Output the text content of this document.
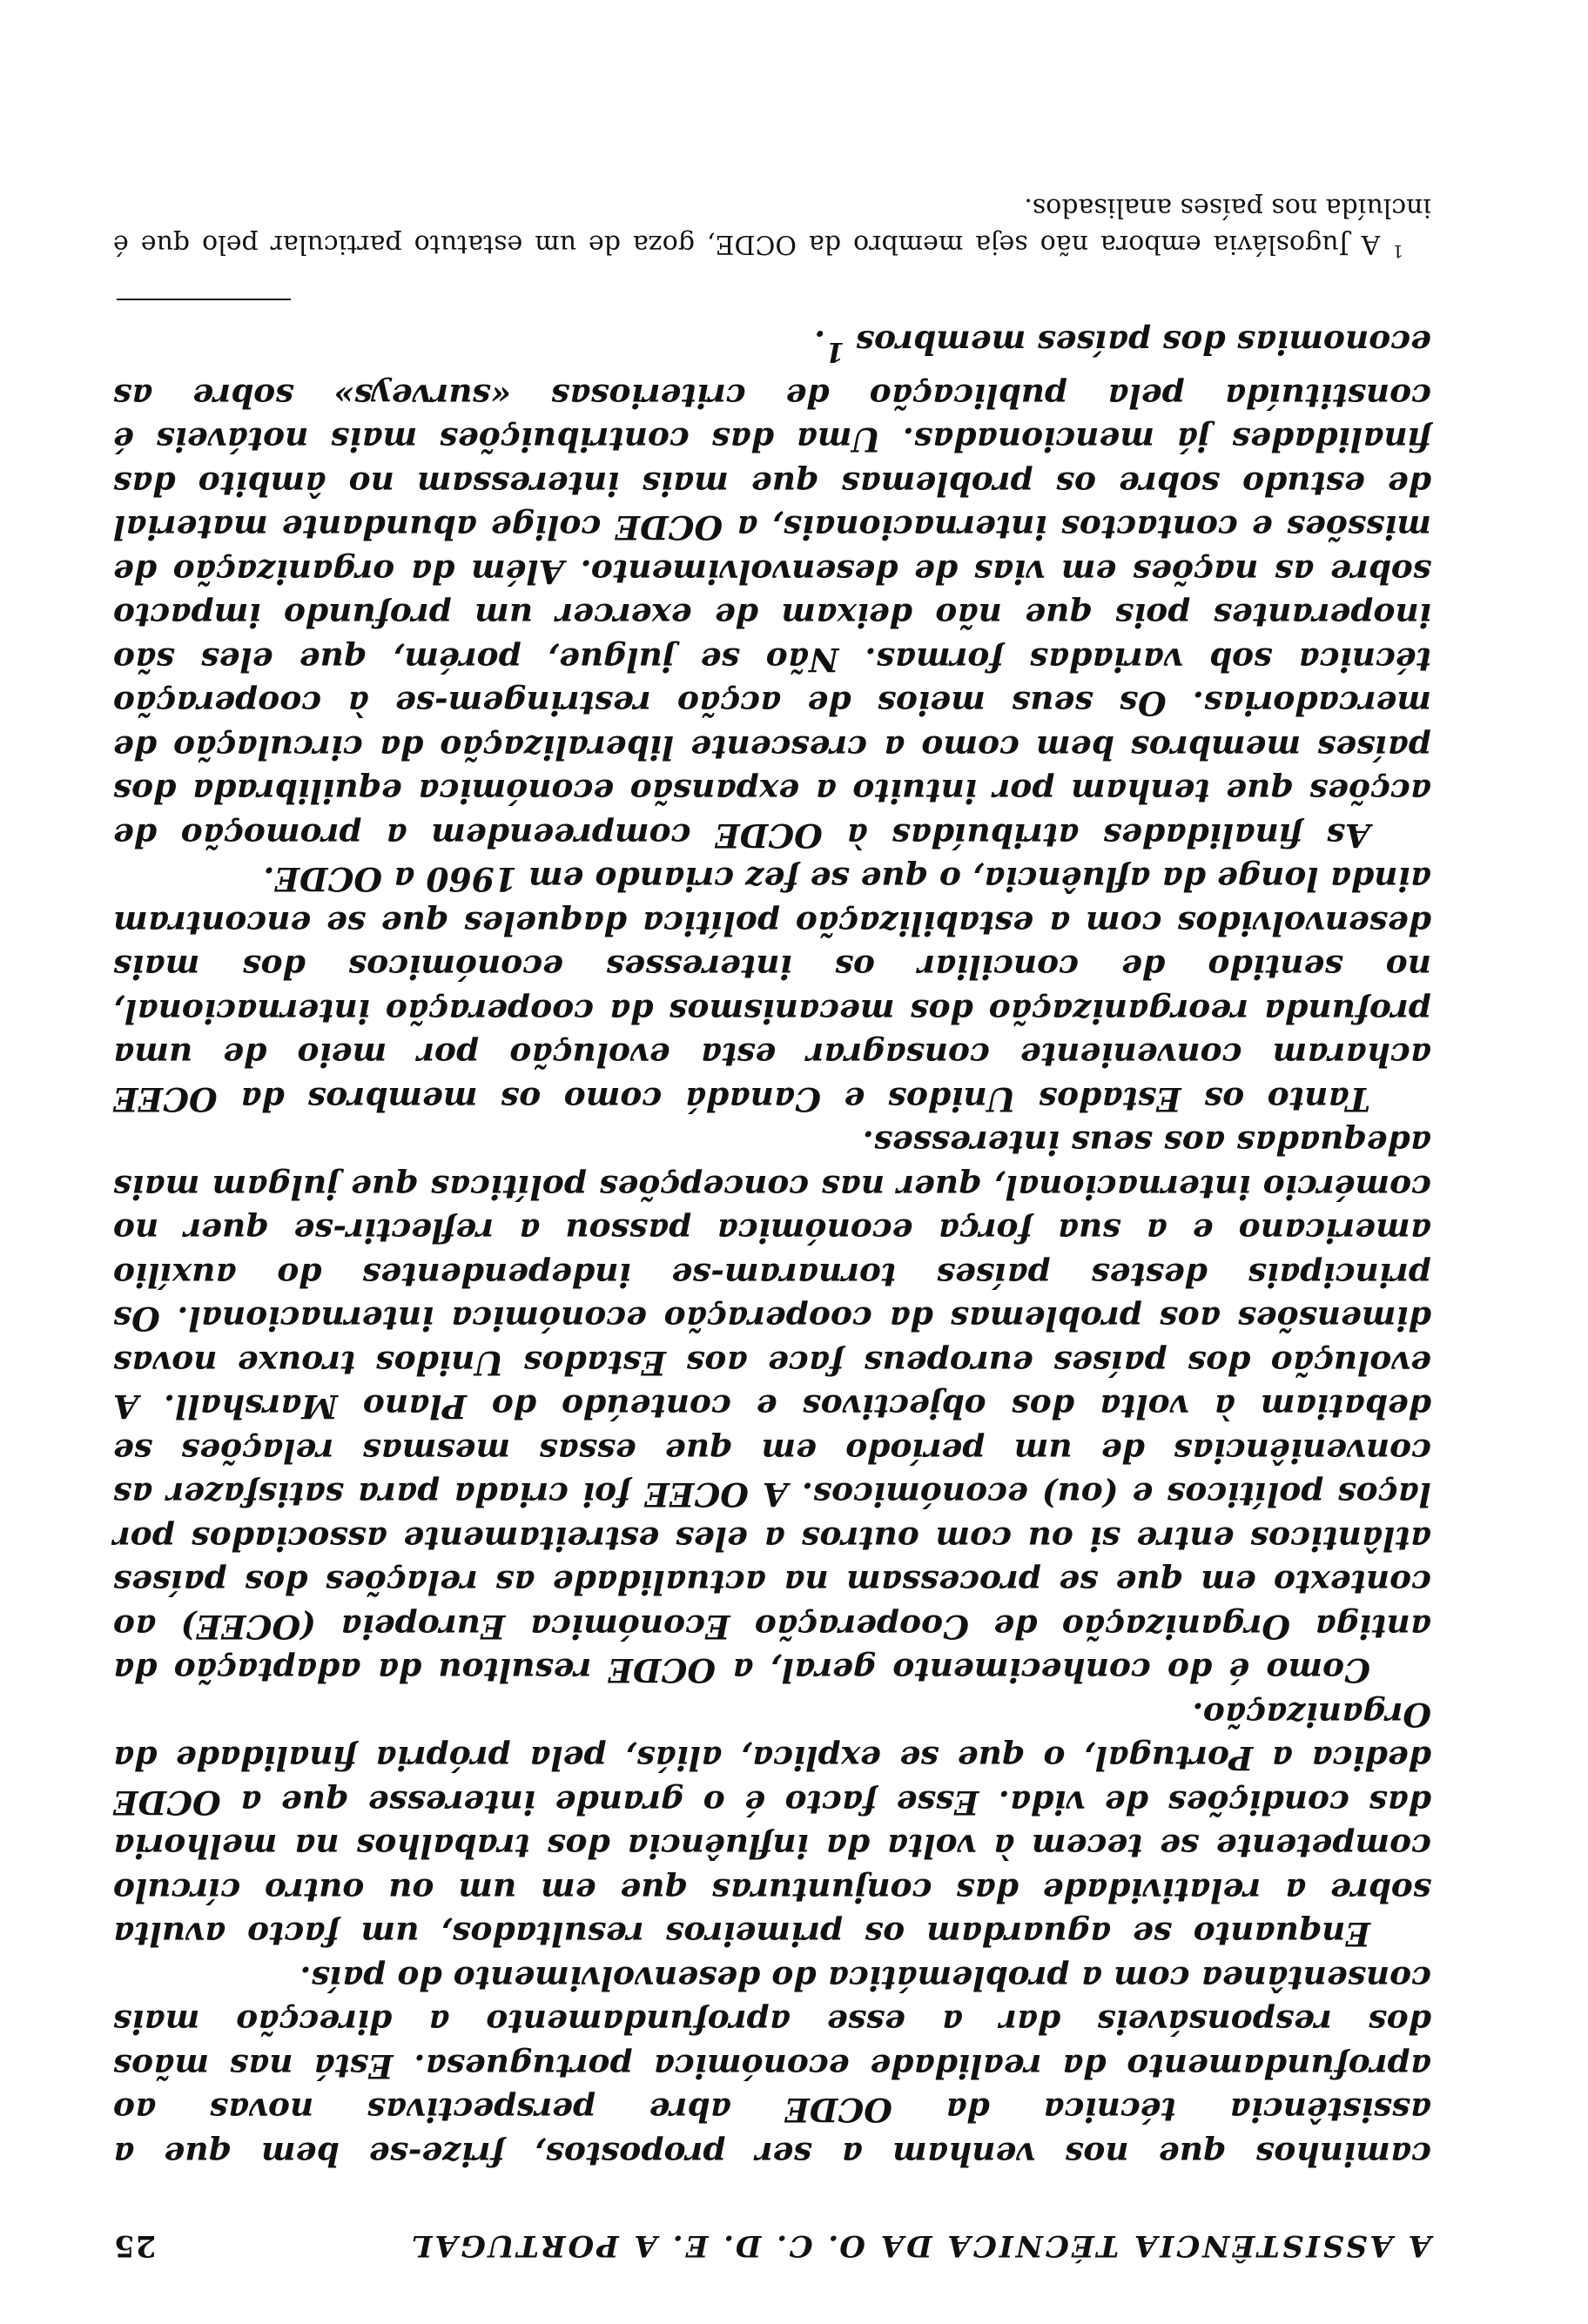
A ASSISTÊNCIA TÉCNICA DA O. C. D. E. A PORTUGAL
25

caminhos que nos venham a ser propostos, frize-se bem que a assistência técnica da OCDE abre perspectivas novas ao aprofundamento da realidade económica portuguesa. Está nas mãos dos responsáveis dar a esse aprofundamento a direcção mais consentânea com a problemática do desenvolvimento do país.

Enquanto se aguardam os primeiros resultados, um facto avulta sobre a relatividade das conjunturas que em um ou outro círculo competente se tecem à volta da influência dos trabalhos na melhoria das condições de vida. Esse facto é o grande interesse que a OCDE dedica a Portugal, o que se explica, aliás, pela própria finalidade da Organização.

Como é do conhecimento geral, a OCDE resultou da adaptação da antiga Organização de Cooperação Económica Europeia (OCEE) ao contexto em que se processam na actualidade as relações dos países atlânticos entre si ou com outros a eles estreitamente associados por laços políticos e (ou) económicos. A OCEE foi criada para satisfazer as conveniências de um período em que essas mesmas relações se debatiam à volta dos objectivos e conteúdo do Plano Marshall. A evolução dos países europeus face aos Estados Unidos trouxe novas dimensões aos problemas da cooperação económica internacional. Os principais destes países tornaram-se independentes do auxílio americano e a sua força económica passou a reflectir-se quer no comércio internacional, quer nas concepções políticas que julgam mais adequadas aos seus interesses.

Tanto os Estados Unidos e Canadá como os membros da OCEE acharam conveniente consagrar esta evolução por meio de uma profunda reorganização dos mecanismos da cooperação internacional, no sentido de conciliar os interesses económicos dos mais desenvolvidos com a estabilização política daqueles que se encontram ainda longe da afluência, o que se fez criando em 1960 a OCDE.

As finalidades atribuídas à OCDE compreendem a promoção de acções que tenham por intuito a expansão económica equilibrada dos países membros bem como a crescente liberalização da circulação de mercadorias. Os seus meios de acção restringem-se à cooperação técnica sob variadas formas. Não se julgue, porém, que eles são inoperantes pois que não deixam de exercer um profundo impacto sobre as nações em vias de desenvolvimento. Além da organização de missões e contactos internacionais, a OCDE colige abundante material de estudo sobre os problemas que mais interessam no âmbito das finalidades já mencionadas. Uma das contribuições mais notáveis é constituída pela publicação de criteriosas «surveys» sobre as economias dos países membros $^1$.

$^1$ A Jugoslávia embora não seja membro da OCDE, goza de um estatuto particular pelo que é incluída nos países analisados.
